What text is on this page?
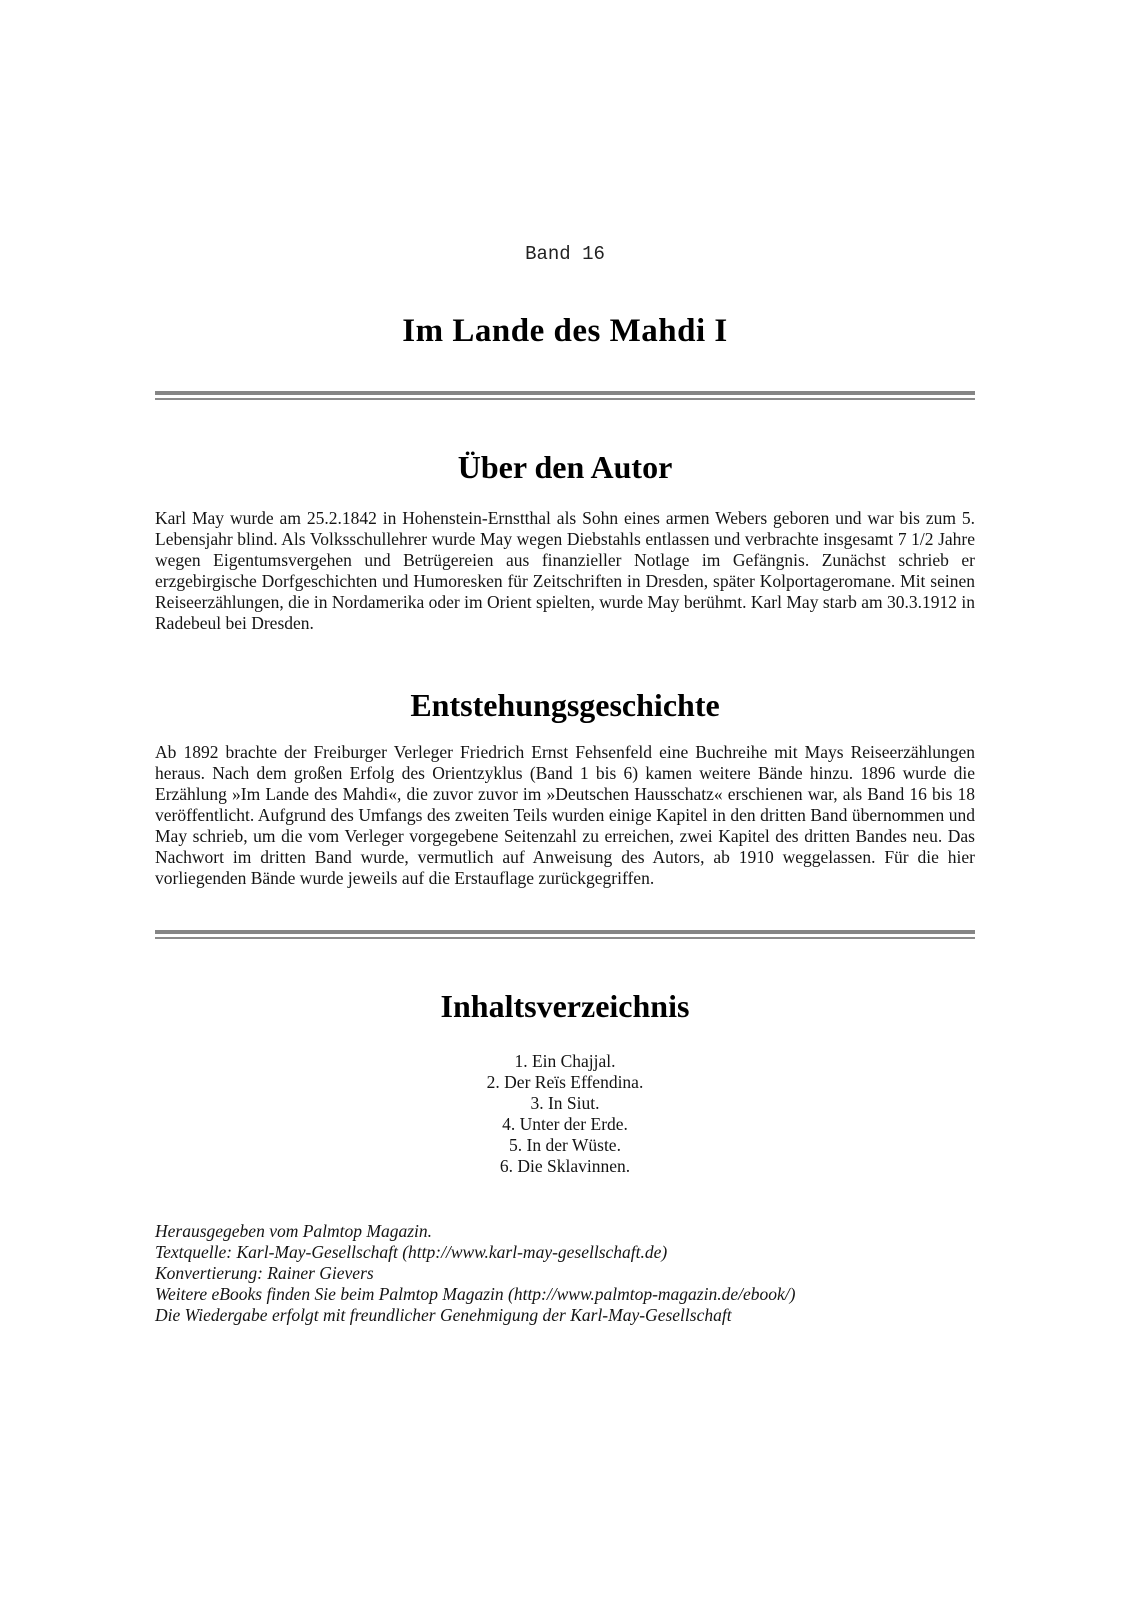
Band 16
Im Lande des Mahdi I
Über den Autor

Karl May wurde am 25.2.1842 in Hohenstein-Ernstthal als Sohn eines armen Webers geboren und war bis zum 5. Lebensjahr blind. Als Volksschullehrer wurde May wegen Diebstahls entlassen und verbrachte insgesamt 7 1/2 Jahre wegen Eigentumsvergehen und Betrügereien aus finanzieller Notlage im Gefängnis. Zunächst schrieb er erzgebirgische Dorfgeschichten und Humoresken für Zeitschriften in Dresden, später Kolportageromane. Mit seinen Reiseerzählungen, die in Nordamerika oder im Orient spielten, wurde May berühmt. Karl May starb am 30.3.1912 in Radebeul bei Dresden.

Entstehungsgeschichte

Ab 1892 brachte der Freiburger Verleger Friedrich Ernst Fehsenfeld eine Buchreihe mit Mays Reiseerzählungen heraus. Nach dem großen Erfolg des Orientzyklus (Band 1 bis 6) kamen weitere Bände hinzu. 1896 wurde die Erzählung »Im Lande des Mahdi«, die zuvor zuvor im »Deutschen Hausschatz« erschienen war, als Band 16 bis 18 veröffentlicht. Aufgrund des Umfangs des zweiten Teils wurden einige Kapitel in den dritten Band übernommen und May schrieb, um die vom Verleger vorgegebene Seitenzahl zu erreichen, zwei Kapitel des dritten Bandes neu. Das Nachwort im dritten Band wurde, vermutlich auf Anweisung des Autors, ab 1910 weggelassen. Für die hier vorliegenden Bände wurde jeweils auf die Erstauflage zurückgegriffen.

Inhaltsverzeichnis
1. Ein Chajjal.
2. Der Reïs Effendina.
3. In Siut.
4. Unter der Erde.
5. In der Wüste.
6. Die Sklavinnen.
Herausgegeben vom Palmtop Magazin.
Textquelle: Karl-May-Gesellschaft (http://www.karl-may-gesellschaft.de)
Konvertierung: Rainer Gievers
Weitere eBooks finden Sie beim Palmtop Magazin (http://www.palmtop-magazin.de/ebook/)
Die Wiedergabe erfolgt mit freundlicher Genehmigung der Karl-May-Gesellschaft
